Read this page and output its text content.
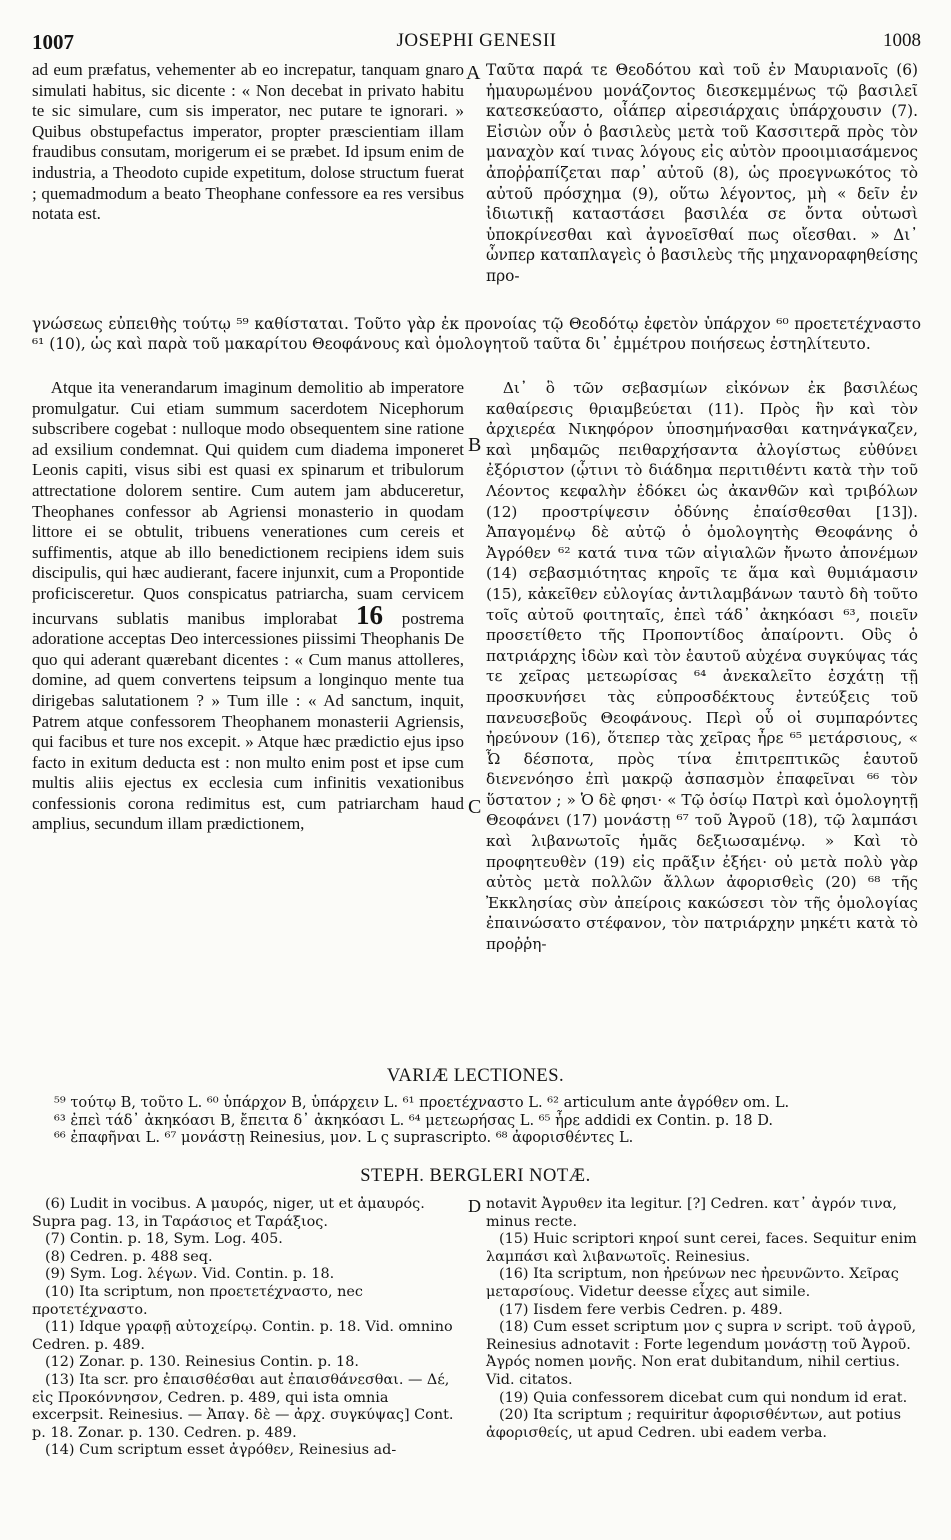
1007	JOSEPHI GENESII	1008

ad eum præfatus, vehementer ab eo increpatur, tanquam gnaro simulati habitus, sic dicente : « Non decebat in privato habitu te sic simulare, cum sis imperator, nec putare te ignorari. » Quibus obstupefactus imperator, propter præscientiam illam fraudibus consutam, morigerum ei se præbet. Id ipsum enim de industria, a Theodoto cupide expetitum, dolose structum fuerat ; quemadmodum a beato Theophane confessore ea res versibus notata est.

A Ταῦτα παρά τε Θεοδότου καὶ τοῦ ἐν Μαυριανοῖς (6) ἠμαυρωμένου μονάζοντος διεσκεμμένως τῷ βασιλεῖ κατεσκεύαστο, οἷάπερ αἱρεσιάρχαις ὑπάρχουσιν (7). Εἰσιὼν οὖν ὁ βασιλεὺς μετὰ τοῦ Κασσιτερᾶ πρὸς τὸν μαναχὸν καί τινας λόγους εἰς αὐτὸν προοιμιασάμενος ἀποῤῥαπίζεται παρ᾽ αὐτοῦ (8), ὡς προεγνωκότος τὸ αὐτοῦ πρόσχημα (9), οὕτω λέγοντος, μὴ « δεῖν ἐν ἰδιωτικῇ καταστάσει βασιλέα σε ὄντα οὑτωσὶ ὑποκρίνεσθαι καὶ ἀγνοεῖσθαί πως οἴεσθαι. » Δι᾽ ὧνπερ καταπλαγεὶς ὁ βασιλεὺς τῆς μηχανοραφηθείσης προ-

γνώσεως εὐπειθὴς τούτῳ ⁵⁹ καθίσταται. Τοῦτο γὰρ ἐκ προνοίας τῷ Θεοδότῳ ἐφετὸν ὑπάρχον ⁶⁰ προετετέχναστο ⁶¹ (10), ὡς καὶ παρὰ τοῦ μακαρίτου Θεοφάνους καὶ ὁμολογητοῦ ταῦτα δι᾽ ἐμμέτρου ποιήσεως ἐστηλίτευτο.

Atque ita venerandarum imaginum demolitio ab imperatore promulgatur. Cui etiam summum sacerdotem Nicephorum subscribere cogebat : nulloque modo obsequentem sine ratione ad exsilium condemnat. Qui quidem cum diadema imponeret Leonis capiti, visus sibi est quasi ex spinarum et tribulorum attrectatione dolorem sentire. Cum autem jam abduceretur, Theophanes confessor ab Agriensi monasterio in quodam littore ei se obtulit, tribuens venerationes cum cereis et suffimentis, atque ab illo benedictionem recipiens idem suis discipulis, qui hæc audierant, facere injunxit, cum a Propontide proficisceretur. Quos conspicatus patriarcha, suam cervicem incurvans sublatis manibus implorabat 16 postrema adoratione acceptas Deo intercessiones piissimi Theophanis De quo qui aderant quærebant dicentes : « Cum manus attolleres, domine, ad quem convertens teipsum a longinquo mente tua dirigebas salutationem ? » Tum ille : « Ad sanctum, inquit, Patrem atque confessorem Theophanem monasterii Agriensis, qui facibus et ture nos excepit. » Atque hæc prædictio ejus ipso facto in exitum deducta est : non multo enim post et ipse cum multis aliis ejectus ex ecclesia cum infinitis vexationibus confessionis corona redimitus est, cum patriarcham haud amplius, secundum illam prædictionem,

B
C

Δι᾽ ὃ τῶν σεβασμίων εἰκόνων ἐκ βασιλέως καθαίρεσις θριαμβεύεται (11). Πρὸς ἣν καὶ τὸν ἀρχιερέα Νικηφόρον ὑποσημήνασθαι κατηνάγκαζεν, καὶ μηδαμῶς πειθαρχήσαντα ἀλογίστως εὐθύνει ἐξόριστον (ᾧτινι τὸ διάδημα περιτιθέντι κατὰ τὴν τοῦ Λέοντος κεφαλὴν ἐδόκει ὡς ἀκανθῶν καὶ τριβόλων (12) προστρίψεσιν ὀδύνης ἐπαίσθεσθαι [13]). Ἀπαγομένῳ δὲ αὐτῷ ὁ ὁμολογητὴς Θεοφάνης ὁ Ἀγρόθεν ⁶² κατά τινα τῶν αἰγιαλῶν ἤνωτο ἀπονέμων (14) σεβασμιότητας κηροῖς τε ἅμα καὶ θυμιάμασιν (15), κἀκεῖθεν εὐλογίας ἀντιλαμβάνων ταυτὸ δὴ τοῦτο τοῖς αὐτοῦ φοιτηταῖς, ἐπεὶ τάδ᾽ ἀκηκόασι ⁶³, ποιεῖν προσετίθετο τῆς Προποντίδος ἀπαίροντι. Οὓς ὁ πατριάρχης ἰδὼν καὶ τὸν ἑαυτοῦ αὐχένα συγκύψας τάς τε χεῖρας μετεωρίσας ⁶⁴ ἀνεκαλεῖτο ἐσχάτῃ τῇ προσκυνήσει τὰς εὐπροσδέκτους ἐντεύξεις τοῦ πανευσεβοῦς Θεοφάνους. Περὶ οὗ οἱ συμπαρόντες ἠρεύνουν (16), ὅτεπερ τὰς χεῖρας ἦρε ⁶⁵ μετάρσιους, « Ὦ δέσποτα, πρὸς τίνα ἐπιτρεπτικῶς ἑαυτοῦ διενενόησο ἐπὶ μακρῷ ἀσπασμὸν ἐπαφεῖναι ⁶⁶ τὸν ὕστατον ; » Ὁ δὲ φησι· « Τῷ ὁσίῳ Πατρὶ καὶ ὁμολογητῇ Θεοφάνει (17) μονάστῃ ⁶⁷ τοῦ Ἀγροῦ (18), τῷ λαμπάσι καὶ λιβανωτοῖς ἡμᾶς δεξιωσαμένῳ. » Καὶ τὸ προφητευθὲν (19) εἰς πρᾶξιν ἐξήει· οὐ μετὰ πολὺ γὰρ αὐτὸς μετὰ πολλῶν ἄλλων ἀφορισθεὶς (20) ⁶⁸ τῆς Ἐκκλησίας σὺν ἀπείροις κακώσεσι τὸν τῆς ὁμολογίας ἐπαινώσατο στέφανον, τὸν πατριάρχην μηκέτι κατὰ τὸ προῤῥη-

VARIÆ LECTIONES.
⁵⁹ τούτῳ B, τοῦτο L. ⁶⁰ ὑπάρχον B, ὑπάρχειν L. ⁶¹ προετέχναστο L. ⁶² articulum ante ἀγρόθεν om. L.
⁶³ ἐπεὶ τάδ᾽ ἀκηκόασι B, ἔπειτα δ᾽ ἀκηκόασι L. ⁶⁴ μετεωρήσας L. ⁶⁵ ἦρε addidi ex Contin. p. 18 D.
⁶⁶ ἐπαφῆναι L. ⁶⁷ μονάστῃ Reinesius, μον. L ς suprascripto. ⁶⁸ ἀφορισθέντες L.
STEPH. BERGLERI NOTÆ.

(6) Ludit in vocibus. A μαυρός, niger, ut et ἀμαυρός. Supra pag. 13, in Ταράσιος et Ταράξιος.

(7) Contin. p. 18, Sym. Log. 405.

(8) Cedren. p. 488 seq.

(9) Sym. Log. λέγων. Vid. Contin. p. 18.

(10) Ita scriptum, non προετετέχναστο, nec προτετέχναστο.

(11) Idque γραφῇ αὐτοχείρῳ. Contin. p. 18. Vid. omnino Cedren. p. 489.

(12) Zonar. p. 130. Reinesius Contin. p. 18.

(13) Ita scr. pro ἐπαισθέσθαι aut ἐπαισθάνεσθαι. — Δέ, εἰς Προκόννησον, Cedren. p. 489, qui ista omnia excerpsit. Reinesius. — Ἀπαγ. δὲ — ἀρχ. συγκύψας] Cont. p. 18. Zonar. p. 130. Cedren. p. 489.

(14) Cum scriptum esset ἀγρόθεν, Reinesius ad-

D notavit Ἀγρυθεν ita legitur. [?] Cedren. κατ᾽ ἀγρόν τινα, minus recte.

(15) Huic scriptori κηροί sunt cerei, faces. Sequitur enim λαμπάσι καὶ λιβανωτοῖς. Reinesius.

(16) Ita scriptum, non ἠρεύνων nec ἠρευνῶντο. Χεῖρας μεταρσίους. Videtur deesse εἶχες aut simile.

(17) Iisdem fere verbis Cedren. p. 489.

(18) Cum esset scriptum μον ς supra ν script. τοῦ ἀγροῦ, Reinesius adnotavit : Forte legendum μονάστῃ τοῦ Ἀγροῦ. Ἀγρός nomen μονῆς. Non erat dubitandum, nihil certius. Vid. citatos.

(19) Quia confessorem dicebat cum qui nondum id erat.

(20) Ita scriptum ; requiritur ἀφορισθέντων, aut potius ἀφορισθείς, ut apud Cedren. ubi eadem verba.
